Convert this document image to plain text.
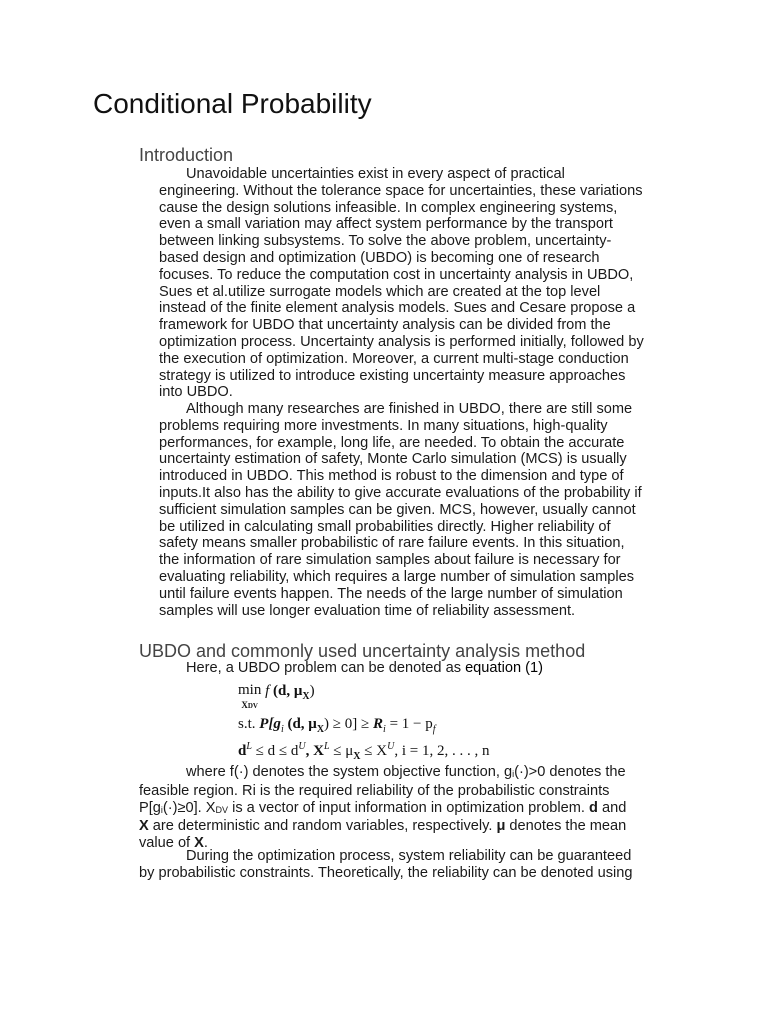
Conditional Probability
Introduction
Unavoidable uncertainties exist in every aspect of practical
engineering. Without the tolerance space for uncertainties, these variations
cause the design solutions infeasible. In complex engineering systems,
even a small variation may affect system performance by the transport
between linking subsystems. To solve the above problem, uncertainty-
based design and optimization (UBDO) is becoming one of research
focuses. To reduce the computation cost in uncertainty analysis in UBDO,
Sues et al.utilize surrogate models which are created at the top level
instead of the finite element analysis models. Sues and Cesare propose a
framework for UBDO that uncertainty analysis can be divided from the
optimization process. Uncertainty analysis is performed initially, followed by
the execution of optimization. Moreover, a current multi-stage conduction
strategy is utilized to introduce existing uncertainty measure approaches
into UBDO.
Although many researches are finished in UBDO, there are still some
problems requiring more investments. In many situations, high-quality
performances, for example, long life, are needed. To obtain the accurate
uncertainty estimation of safety, Monte Carlo simulation (MCS) is usually
introduced in UBDO. This method is robust to the dimension and type of
inputs.It also has the ability to give accurate evaluations of the probability if
sufficient simulation samples can be given. MCS, however, usually cannot
be utilized in calculating small probabilities directly. Higher reliability of
safety means smaller probabilistic of rare failure events. In this situation,
the information of rare simulation samples about failure is necessary for
evaluating reliability, which requires a large number of simulation samples
until failure events happen. The needs of the large number of simulation
samples will use longer evaluation time of reliability assessment.
UBDO and commonly used uncertainty analysis method
Here, a UBDO problem can be denoted as equation (1)
min
XDV f (d, $\mu_X$)
s.t. $P[g_i$ (d, $\mu_X) \ge 0] \ge R_i = 1 - p_f$
$d^L \le d \le d^U$, $X^L \le \mu_X \le X^U$, i = 1, 2, . . . , n
where f(·) denotes the system objective function, gi(·)>0 denotes the
feasible region. Ri is the required reliability of the probabilistic constraints
P[gi(·)≥0]. XDV is a vector of input information in optimization problem. d and
X are deterministic and random variables, respectively. μ denotes the mean
value of X.
During the optimization process, system reliability can be guaranteed
by probabilistic constraints. Theoretically, the reliability can be denoted using
